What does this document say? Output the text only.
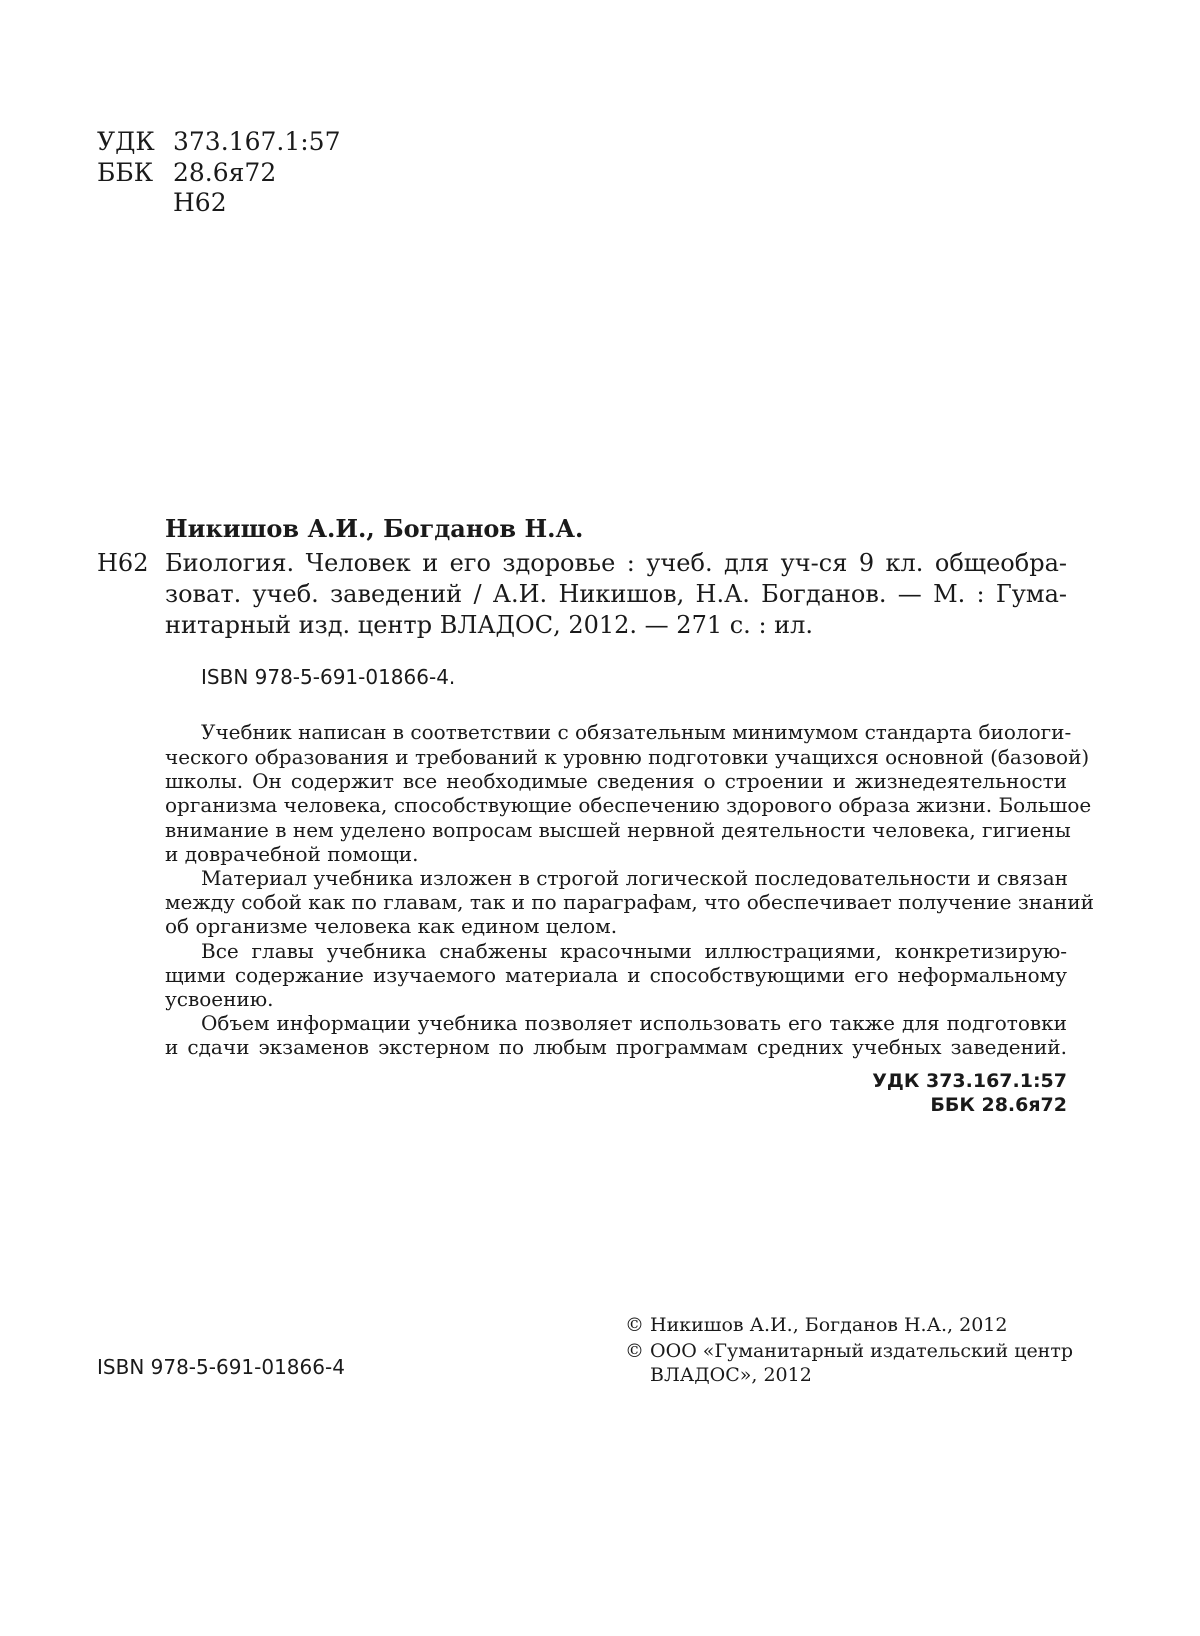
УДК 373.167.1:57
ББК 28.6я72
Н62
Никишов А.И., Богданов Н.А.
Н62 Биология. Человек и его здоровье : учеб. для уч-ся 9 кл. общеобра-
зоват. учеб. заведений / А.И. Никишов, Н.А. Богданов. — М. : Гума-
нитарный изд. центр ВЛАДОС, 2012. — 271 с. : ил.
ISBN 978-5-691-01866-4.
Учебник написан в соответствии с обязательным минимумом стандарта биологи-
ческого образования и требований к уровню подготовки учащихся основной (базовой)
школы. Он содержит все необходимые сведения о строении и жизнедеятельности
организма человека, способствующие обеспечению здорового образа жизни. Большое
внимание в нем уделено вопросам высшей нервной деятельности человека, гигиены
и доврачебной помощи.
Материал учебника изложен в строгой логической последовательности и связан
между собой как по главам, так и по параграфам, что обеспечивает получение знаний
об организме человека как едином целом.
Все главы учебника снабжены красочными иллюстрациями, конкретизирую-
щими содержание изучаемого материала и способствующими его неформальному
усвоению.
Объем информации учебника позволяет использовать его также для подготовки
и сдачи экзаменов экстерном по любым программам средних учебных заведений.
УДК 373.167.1:57
ББК 28.6я72
ISBN 978-5-691-01866-4
© Никишов А.И., Богданов Н.А., 2012
© ООО «Гуманитарный издательский центр
ВЛАДОС», 2012
